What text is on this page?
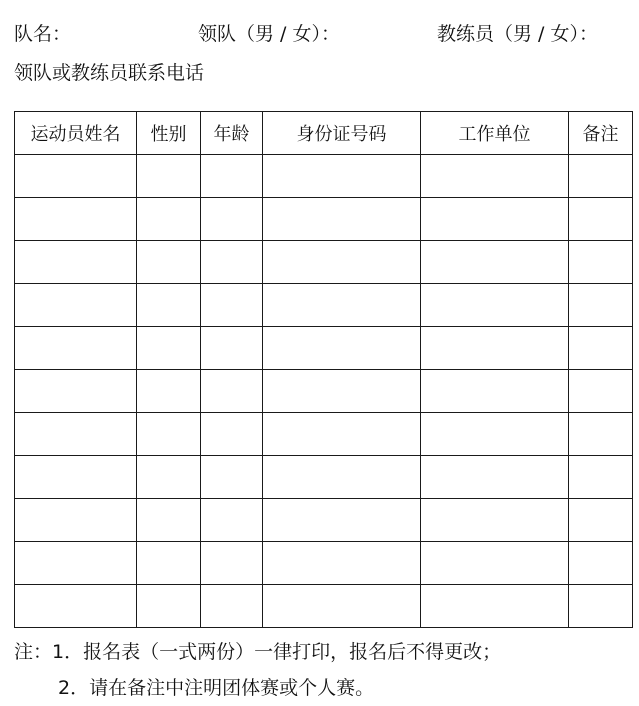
队名：	领队（男 / 女）：	教练员（男 / 女）：
领队或教练员联系电话
运动员姓名	性别	年龄	身份证号码	工作单位	备注

注：1．报名表（一式两份）一律打印，报名后不得更改；
2．请在备注中注明团体赛或个人赛。
